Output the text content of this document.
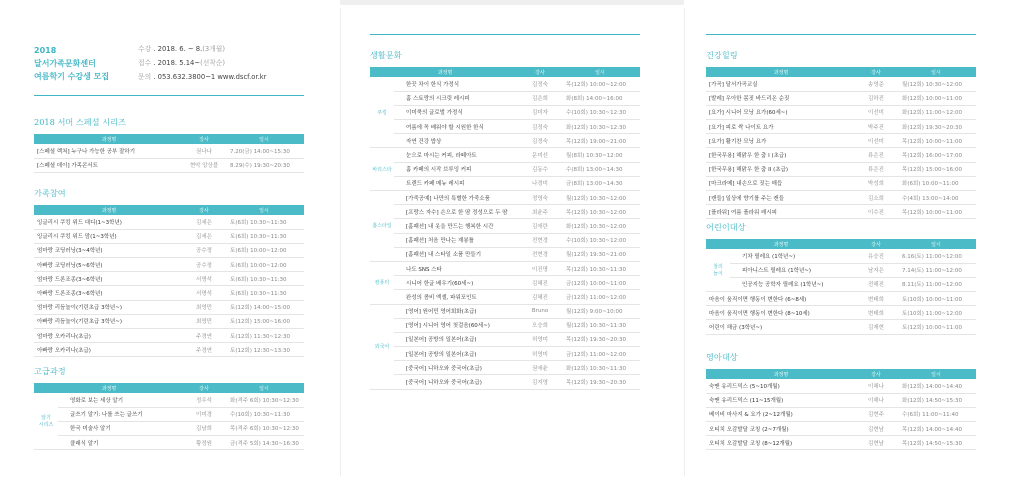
2018
달서가족문화센터
여름학기 수강생 모집
수강 . 2018. 6. ~ 8.(3개월)
접수 . 2018. 5.14~(선착순)
문의 . 053.632.3800~1 www.dscf.or.kr
2018 서머 스페셜 시리즈
과정명	강사	일시
[스페셜 렉쳐] 누구나 가능한 공부 잘하기	권나나	7.20(금) 14:00~15:30
[스페셜 데이] 가족콘서트	현악 앙상블	8.29(수) 19:30~20:30
가족참여
과정명	강사	일시
잉글리시 쿠킹 위드 대디(1~3학년)	김세은	토(6회) 10:30~11:30
잉글리시 쿠킹 위드 맘(1~3학년)	김세은	토(6회) 10:30~11:30
엄마랑 코딩러닝(3~4학년)	공수정	토(6회) 10:00~12:00
아빠랑 코딩러닝(5~6학년)	공수정	토(6회) 10:00~12:00
엄마랑 드론조종(3~6학년)	서명석	토(6회) 10:30~11:30
아빠랑 드론조종(3~6학년)	서명석	토(6회) 10:30~11:30
엄마랑 리듬놀이(기린초급 3학년~)	최영민	토(12회) 14:00~15:00
아빠랑 리듬놀이(기린초급 3학년~)	최영민	토(12회) 15:00~16:00
엄마랑 오카리나(초급)	주경연	토(12회) 11:30~12:30
아빠랑 오카리나(초급)	주경연	토(12회) 12:30~13:30
고급과정
과정명		강사	일시
알기
시리즈	영화로 보는 세상 알기	정우석	화(격주 6회) 10:30~12:30
	글쓰기 알기: 나를 쓰는 글쓰기	이미경	수(10회) 10:30~11:30
	한국 미술사 알기	김남희	목(격주 6회) 10:30~12:30
	클래식 알기	황정원	금(격주 5회) 14:30~16:30
생활문화
과정명		강사	일시
쿠킹	한끗 차이 한식 가정식	김정숙	목(12회) 10:00~12:00
	홈 스토랑의 시크릿 레시피	김은희	화(8회) 14:00~16:00
	이미쿡의 글로벌 가정식	김미자	수(10회) 10:30~12:30
	여름에 꼭 배워야 할 시원한 한식	김정숙	화(12회) 10:30~12:30
	자연 건강 밥상	김정숙	목(12회) 19:00~21:00
바리스타	눈으로 마시는 커피, 라떼아트	문미선	월(8회) 10:30~12:00
	홈 카페의 시작 브루잉 커피	김동수	수(8회) 13:00~14:30
	트렌드 카페 메뉴 레시피	나경미	금(8회) 13:00~14:30
홈스타일	[가죽공예] 나만의 특별한 가죽소품	정영숙	월(12회) 10:30~12:00
	[프랑스 자수] 손으로 한 땀 정성으로 두 땀	최윤주	목(12회) 10:30~12:00
	[홈패션] 내 옷을 만드는 행복한 시간	김애란	화(12회) 10:30~12:00
	[홈패션] 처음 만나는 재봉틀	전현경	수(10회) 10:30~12:00
	[홈패션] 내 스타일 소품 만들기	전현경	월(12회) 19:30~21:00
컴퓨터	나도 SNS 스타	이진명	목(12회) 10:30~11:30
	시니어 한글 배우기(60세~)	김혜진	금(12회) 10:00~11:00
	완성의 콤비 엑셀, 파워포인트	김혜진	금(12회) 11:00~12:00
외국어	[영어] 원어민 영어회화(초급)	Bruno	월(12회) 9:00~10:00
	[영어] 시니어 영어 첫걸음(60세~)	오승희	월(12회) 10:30~11:30
	[일본어] 공방의 일본어(초급)	허영미	목(12회) 19:30~20:30
	[일본어] 공방의 일본어(초급)	허영미	금(12회) 11:00~12:00
	[중국어] 니하오와 중국어(초급)	권애윤	화(12회) 10:30~11:30
	[중국어] 니하오와 중국어(초급)	김지영	목(12회) 19:30~20:30
건강힐링
과정명	강사	일시
[가곡] 달서가곡교실	송영준	월(12회) 10:30~12:00
[발레] 우아한 몸짓 바드리온 순짓	김하진	화(12회) 10:00~11:00
[요가] 시니어 모닝 요가(60세~)	이선미	화(12회) 11:00~12:00
[요가] 피로 싹 나이트 요가	박주진	화(12회) 19:30~20:30
[요가] 활기찬 모닝 요가	이선미	목(12회) 10:00~11:00
[한국무용] 해맑우 한 춤 I (초급)	류은진	목(12회) 16:00~17:00
[한국무용] 해맑우 한 춤 II (초급)	류은진	목(12회) 15:00~16:00
[마크라메] 내손으로 짓는 매듭	박성희	화(6회) 10:00~11:00
[캔들] 일상에 향기를 주는 캔들	김소희	수(4회) 13:00~14:00
[플라워] 여름 플라워 레시피	이수진	목(12회) 10:00~11:00
어린이대상
과정명		강사	일시
창의
놀이	기차 릴레요 (1학년~)	유승진	6.16(토) 11:00~12:00
	피아니스트 릴레요 (1학년~)	남지은	7.14(토) 11:00~12:00
	인공지능 공학자 릴레요 (1학년~)	전해진	8.11(토) 11:00~12:00
마음이 움직이면 행동이 변한다 (6~8세)		변태희	토(10회) 10:00~11:00
마음이 움직이면 행동이 변한다 (8~10세)		변태희	토(10회) 11:00~12:00
어린이 해금 (3학년~)		김재현	토(12회) 10:00~11:00
영아대상
과정명	강사	일시
숙맨 유리드믹스 (5~10개월)	이해나	화(12회) 14:00~14:40
숙맨 유리드믹스 (11~15개월)	이해나	화(12회) 14:50~15:30
베이비 마사지 & 요가 (2~12개월)	김현주	수(6회) 11:00~11:40
오티치 오감발달 코칭 (2~7개월)	김현남	목(12회) 14:00~14:40
오티치 오감발달 코칭 (8~12개월)	김현남	목(12회) 14:50~15:30
